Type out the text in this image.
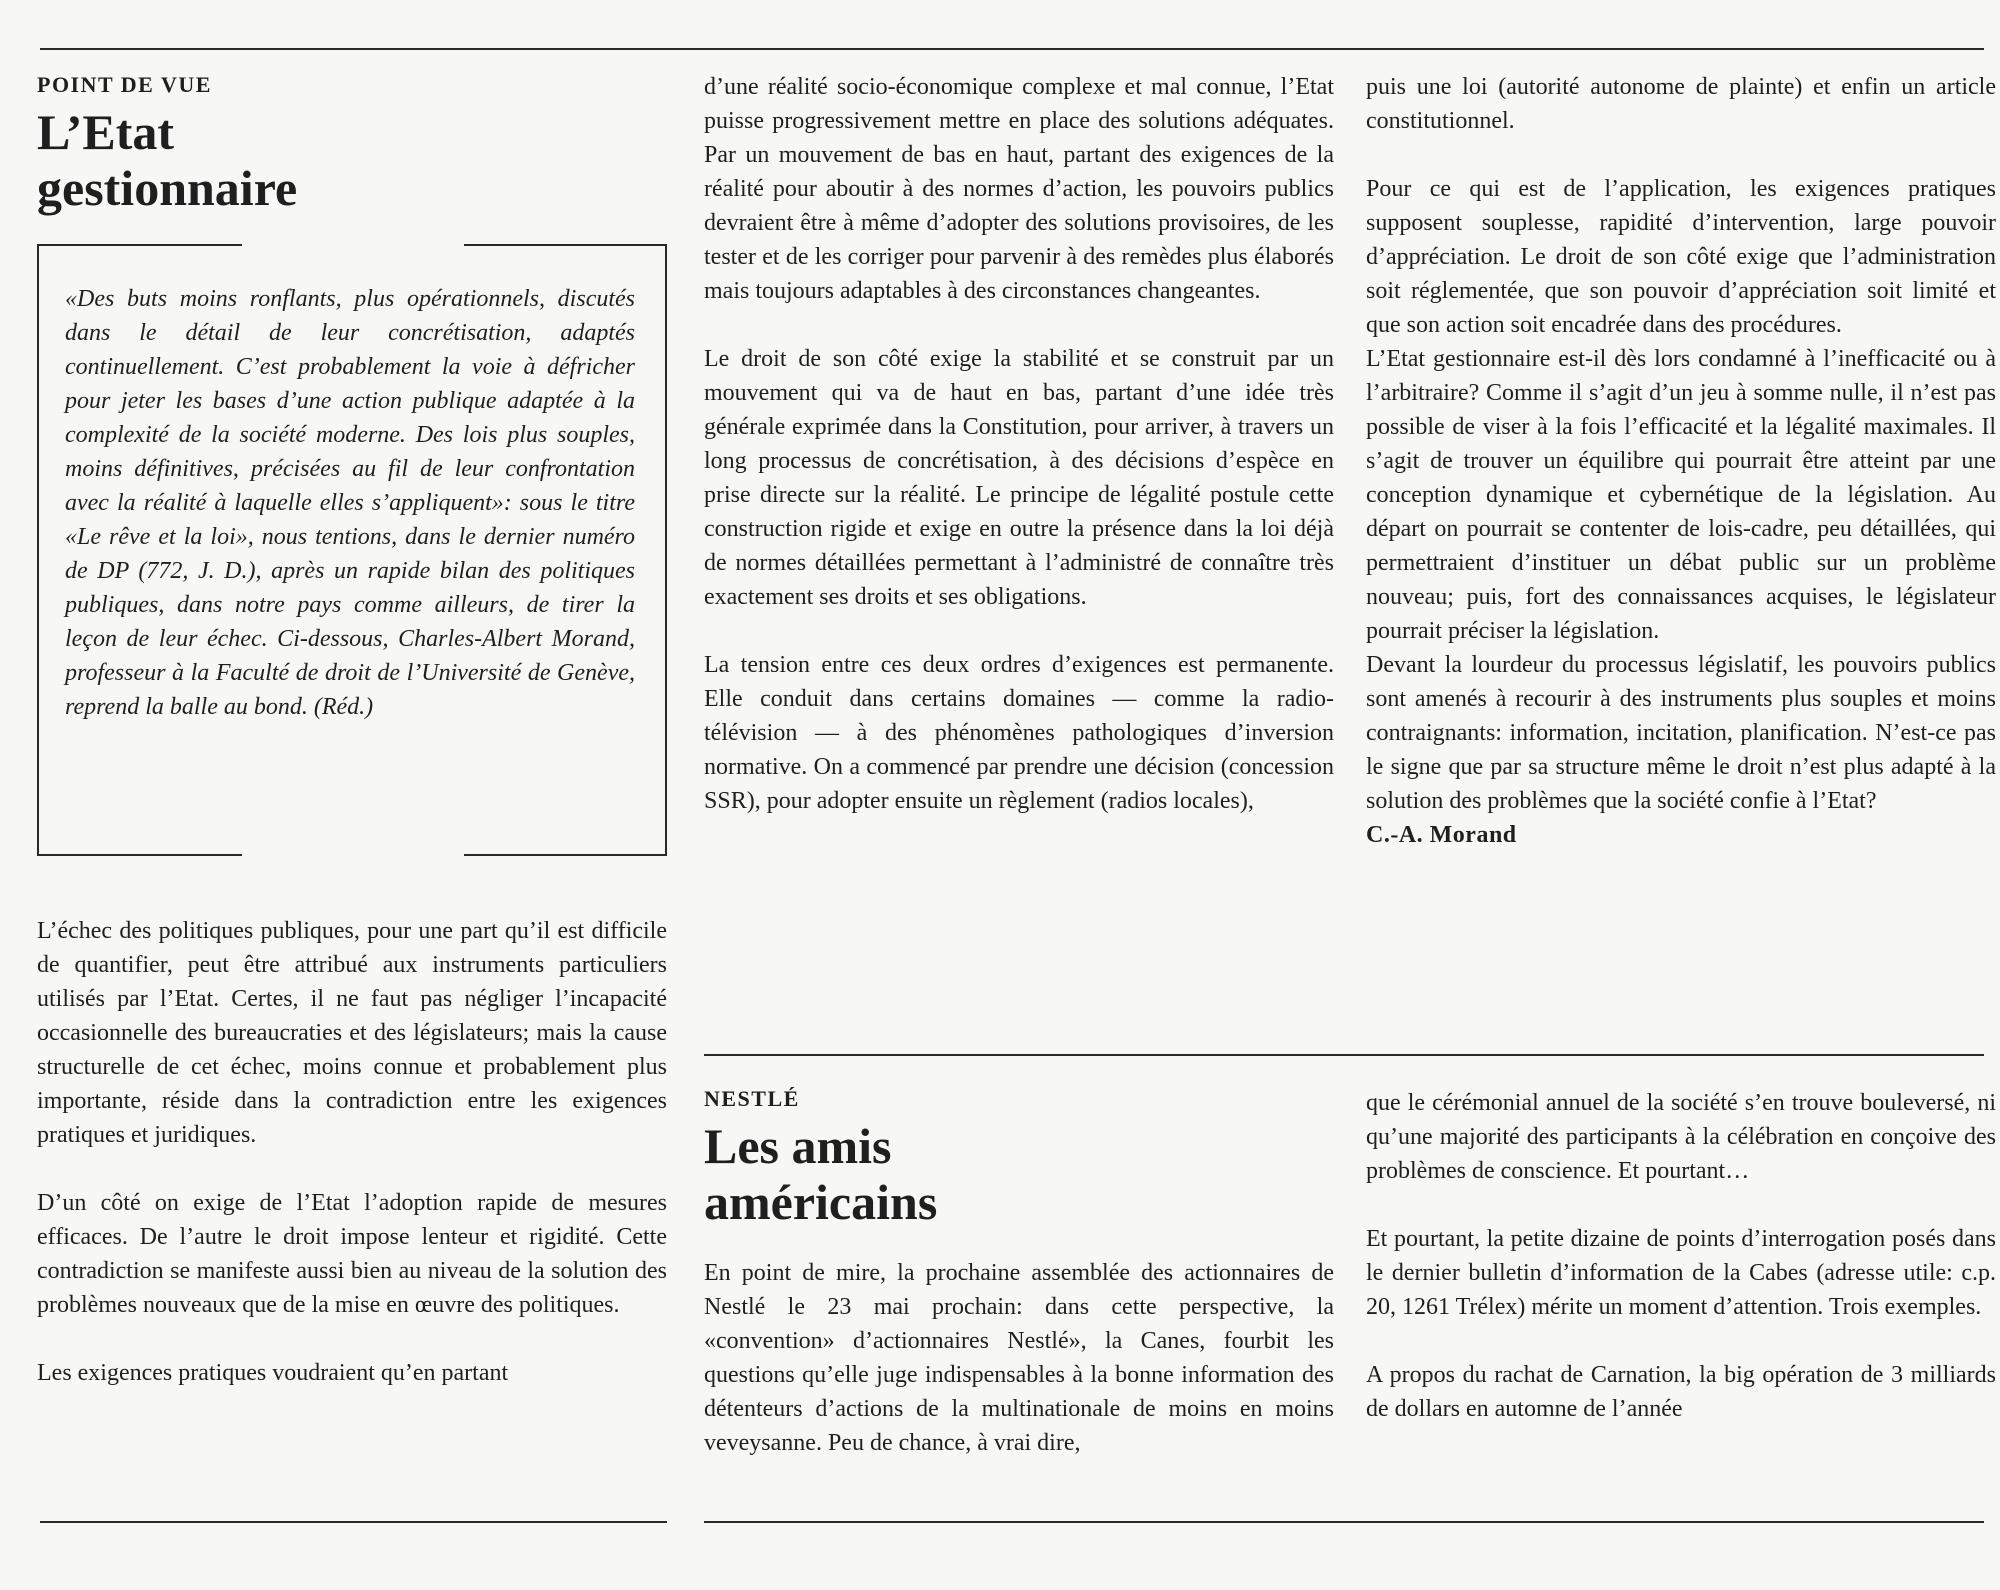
POINT DE VUE

L’Etat
gestionnaire

«Des buts moins ronflants, plus opérationnels, discutés dans le détail de leur concrétisation, adaptés continuellement. C’est probablement la voie à défricher pour jeter les bases d’une action publique adaptée à la complexité de la société moderne. Des lois plus souples, moins définitives, précisées au fil de leur confrontation avec la réalité à laquelle elles s’appliquent»: sous le titre «Le rêve et la loi», nous tentions, dans le dernier numéro de DP (772, J. D.), après un rapide bilan des politiques publiques, dans notre pays comme ailleurs, de tirer la leçon de leur échec. Ci-dessous, Charles-Albert Morand, professeur à la Faculté de droit de l’Université de Genève, reprend la balle au bond. (Réd.)

L’échec des politiques publiques, pour une part qu’il est difficile de quantifier, peut être attribué aux instruments particuliers utilisés par l’Etat. Certes, il ne faut pas négliger l’incapacité occasionnelle des bureaucraties et des législateurs; mais la cause structurelle de cet échec, moins connue et probablement plus importante, réside dans la contradiction entre les exigences pratiques et juridiques.

D’un côté on exige de l’Etat l’adoption rapide de mesures efficaces. De l’autre le droit impose lenteur et rigidité. Cette contradiction se manifeste aussi bien au niveau de la solution des problèmes nouveaux que de la mise en œuvre des politiques.

Les exigences pratiques voudraient qu’en partant

d’une réalité socio-économique complexe et mal connue, l’Etat puisse progressivement mettre en place des solutions adéquates. Par un mouvement de bas en haut, partant des exigences de la réalité pour aboutir à des normes d’action, les pouvoirs publics devraient être à même d’adopter des solutions provisoires, de les tester et de les corriger pour parvenir à des remèdes plus élaborés mais toujours adaptables à des circonstances changeantes.

Le droit de son côté exige la stabilité et se construit par un mouvement qui va de haut en bas, partant d’une idée très générale exprimée dans la Constitution, pour arriver, à travers un long processus de concrétisation, à des décisions d’espèce en prise directe sur la réalité. Le principe de légalité postule cette construction rigide et exige en outre la présence dans la loi déjà de normes détaillées permettant à l’administré de connaître très exactement ses droits et ses obligations.

La tension entre ces deux ordres d’exigences est permanente. Elle conduit dans certains domaines — comme la radio-télévision — à des phénomènes pathologiques d’inversion normative. On a commencé par prendre une décision (concession SSR), pour adopter ensuite un règlement (radios locales),

puis une loi (autorité autonome de plainte) et enfin un article constitutionnel.

Pour ce qui est de l’application, les exigences pratiques supposent souplesse, rapidité d’intervention, large pouvoir d’appréciation. Le droit de son côté exige que l’administration soit réglementée, que son pouvoir d’appréciation soit limité et que son action soit encadrée dans des procédures.

L’Etat gestionnaire est-il dès lors condamné à l’inefficacité ou à l’arbitraire? Comme il s’agit d’un jeu à somme nulle, il n’est pas possible de viser à la fois l’efficacité et la légalité maximales. Il s’agit de trouver un équilibre qui pourrait être atteint par une conception dynamique et cybernétique de la législation. Au départ on pourrait se contenter de lois-cadre, peu détaillées, qui permettraient d’instituer un débat public sur un problème nouveau; puis, fort des connaissances acquises, le législateur pourrait préciser la législation.

Devant la lourdeur du processus législatif, les pouvoirs publics sont amenés à recourir à des instruments plus souples et moins contraignants: information, incitation, planification. N’est-ce pas le signe que par sa structure même le droit n’est plus adapté à la solution des problèmes que la société confie à l’Etat?

C.-A. Morand

NESTLÉ

Les amis
américains

En point de mire, la prochaine assemblée des actionnaires de Nestlé le 23 mai prochain: dans cette perspective, la «convention» d’actionnaires Nestlé», la Canes, fourbit les questions qu’elle juge indispensables à la bonne information des détenteurs d’actions de la multinationale de moins en moins veveysanne. Peu de chance, à vrai dire,

que le cérémonial annuel de la société s’en trouve bouleversé, ni qu’une majorité des participants à la célébration en conçoive des problèmes de conscience. Et pourtant…

Et pourtant, la petite dizaine de points d’interrogation posés dans le dernier bulletin d’information de la Cabes (adresse utile: c.p. 20, 1261 Trélex) mérite un moment d’attention. Trois exemples.

A propos du rachat de Carnation, la big opération de 3 milliards de dollars en automne de l’année
